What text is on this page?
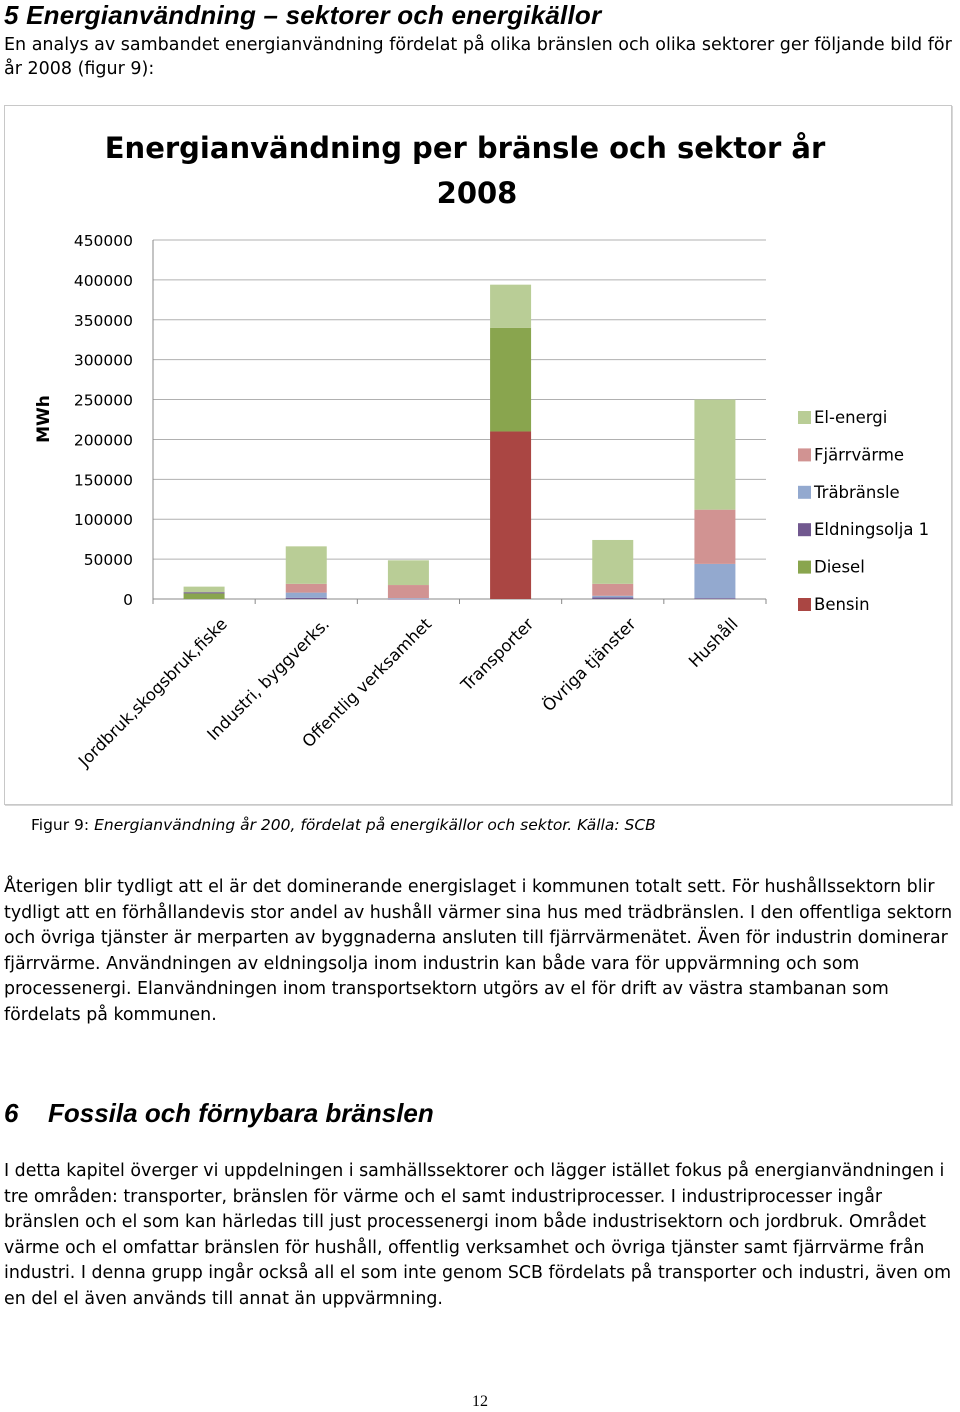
5 Energianvändning – sektorer och energikällor
En analys av sambandet energianvändning fördelat på olika bränslen och olika sektorer ger följande bild för år 2008 (figur 9):
Energianvändning per bränsle och sektor år
2008
0
50000
100000
150000
200000
250000
300000
350000
400000
450000
MWh
Jordbruk,skogsbruk,fiske
Industri, byggverks.
Offentlig verksamhet Transporter Övriga tjänster	Hushåll
El-energi
Fjärrvärme
Träbränsle
Eldningsolja 1
Diesel
Bensin
Figur 9: Energianvändning år 200, fördelat på energikällor och sektor. Källa: SCB
Återigen blir tydligt att el är det dominerande energislaget i kommunen totalt sett. För hushållssektorn blir tydligt att en förhållandevis stor andel av hushåll värmer sina hus med trädbränslen. I den offentliga sektorn och övriga tjänster är merparten av byggnaderna ansluten till fjärrvärmenätet. Även för industrin dominerar fjärrvärme. Användningen av eldningsolja inom industrin kan både vara för uppvärmning och som processenergi. Elanvändningen inom transportsektorn utgörs av el för drift av västra stambanan som fördelats på kommunen.
6 Fossila och förnybara bränslen
I detta kapitel överger vi uppdelningen i samhällssektorer och lägger istället fokus på energianvändningen i tre områden: transporter, bränslen för värme och el samt industriprocesser. I industriprocesser ingår bränslen och el som kan härledas till just processenergi inom både industrisektorn och jordbruk. Området värme och el omfattar bränslen för hushåll, offentlig verksamhet och övriga tjänster samt fjärrvärme från industri. I denna grupp ingår också all el som inte genom SCB fördelats på transporter och industri, även om en del el även används till annat än uppvärmning.
12
